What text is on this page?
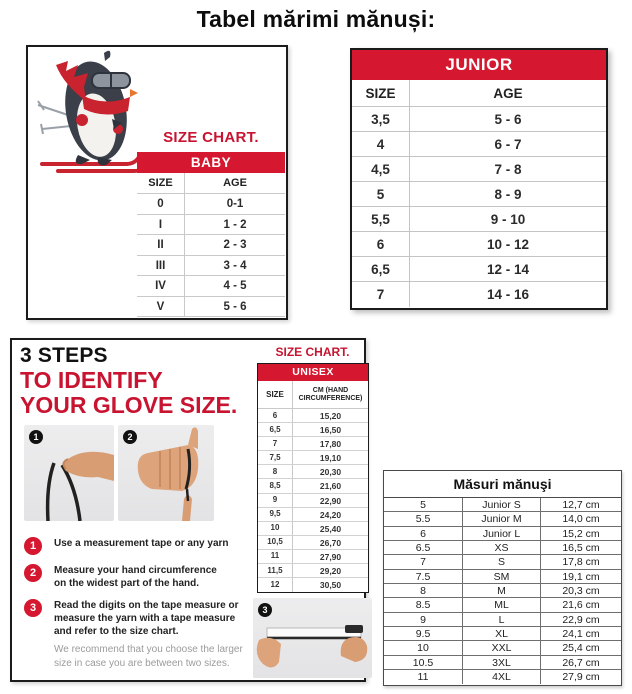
Tabel mărimi mănuși:
SIZE CHART.
BABY
SIZE	AGE
0	0-1
I	1 - 2
II	2 - 3
III	3 - 4
IV	4 - 5
V	5 - 6
JUNIOR
SIZE	AGE
3,5	5 - 6
4	6 - 7
4,5	7 - 8
5	8 - 9
5,5	9 - 10
6	10 - 12
6,5	12 - 14
7	14 - 16
3 STEPS
TO IDENTIFY
YOUR GLOVE SIZE.
1	2
1	Use a measurement tape or any yarn
2	Measure your hand circumference
on the widest part of the hand.
3	Read the digits on the tape measure or
measure the yarn with a tape measure
and refer to the size chart.
We recommend that you choose the larger
size in case you are between two sizes.
SIZE CHART.
UNISEX
SIZE	CM (HAND CIRCUMFERENCE)
6	15,20
6,5	16,50
7	17,80
7,5	19,10
8	20,30
8,5	21,60
9	22,90
9,5	24,20
10	25,40
10,5	26,70
11	27,90
11,5	29,20
12	30,50
3
Măsuri mănuşi
5	Junior S	12,7 cm
5.5	Junior M	14,0 cm
6	Junior L	15,2 cm
6.5	XS	16,5 cm
7	S	17,8 cm
7.5	SM	19,1 cm
8	M	20,3 cm
8.5	ML	21,6 cm
9	L	22,9 cm
9.5	XL	24,1 cm
10	XXL	25,4 cm
10.5	3XL	26,7 cm
11	4XL	27,9 cm
